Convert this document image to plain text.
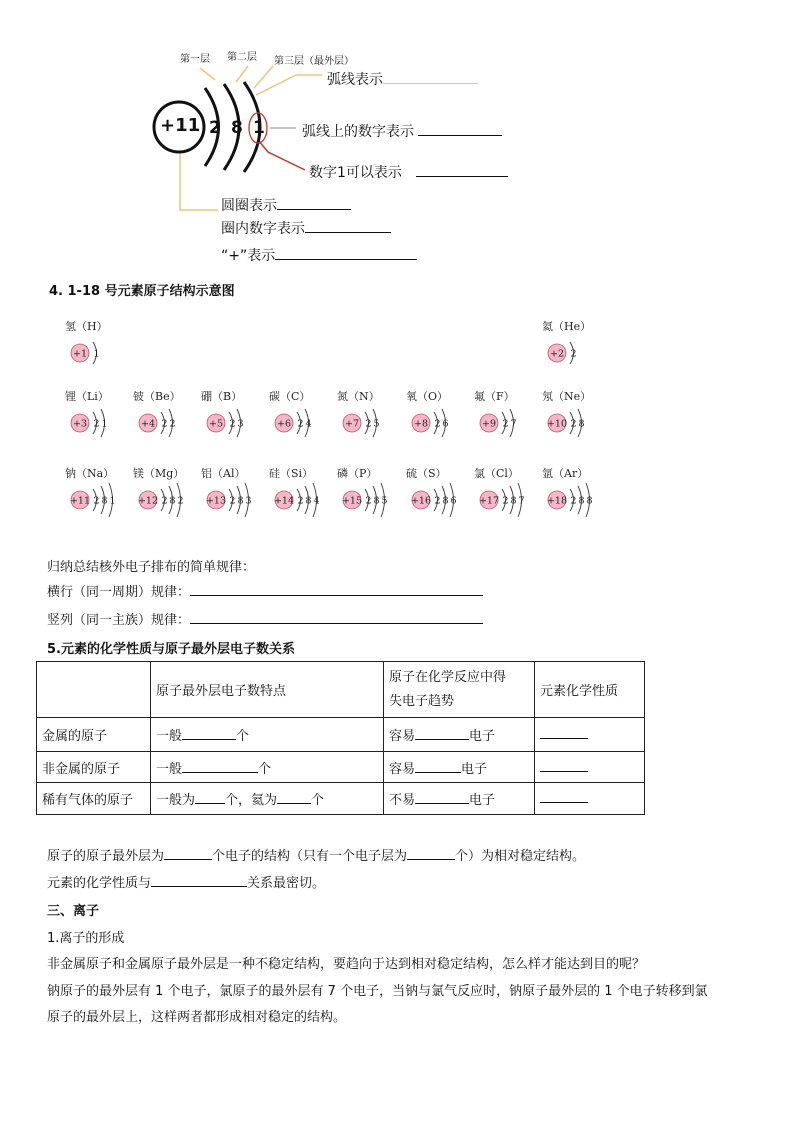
第一层 第二层 第三层（最外层）
+11 2 8 1
弧线表示
弧线上的数字表示
数字1可以表示
圆圈表示
圈内数字表示
“+”表示
4. 1-18 号元素原子结构示意图
氢（H）
+1 1
氦（He）
+2 2
锂（Li）
+3 2 1
铍（Be）
+4 2 2
硼（B）
+5 2 3
碳（C）
+6 2 4
氮（N）
+7 2 5
氧（O）
+8 2 6
氟（F）
+9 2 7
氖（Ne）
+10 2 8
钠（Na）
+11 2 8 1
镁（Mg）
+12 2 8 2
铝（Al）
+13 2 8 3
硅（Si）
+14 2 8 4
磷（P）
+15 2 8 5
硫（S）
+16 2 8 6
氯（Cl）
+17 2 8 7
氩（Ar）
+18 2 8 8
归纳总结核外电子排布的简单规律：
横行（同一周期）规律：
竖列（同一主族）规律：
5.元素的化学性质与原子最外层电子数关系
	原子最外层电子数特点	原子在化学反应中得
失电子趋势	元素化学性质
金属的原子	一般 个	容易 电子	
非金属的原子	一般 个	容易 电子	
稀有气体的原子	一般为 个，氦为 个	不易 电子	
原子的原子最外层为	个电子的结构（只有一个电子层为	个）为相对稳定结构。
元素的化学性质与	关系最密切。
三、离子
1.离子的形成
非金属原子和金属原子最外层是一种不稳定结构，要趋向于达到相对稳定结构，怎么样才能达到目的呢？
钠原子的最外层有 1 个电子，氯原子的最外层有 7 个电子，当钠与氯气反应时，钠原子最外层的 1 个电子转移到氯
原子的最外层上，这样两者都形成相对稳定的结构。
